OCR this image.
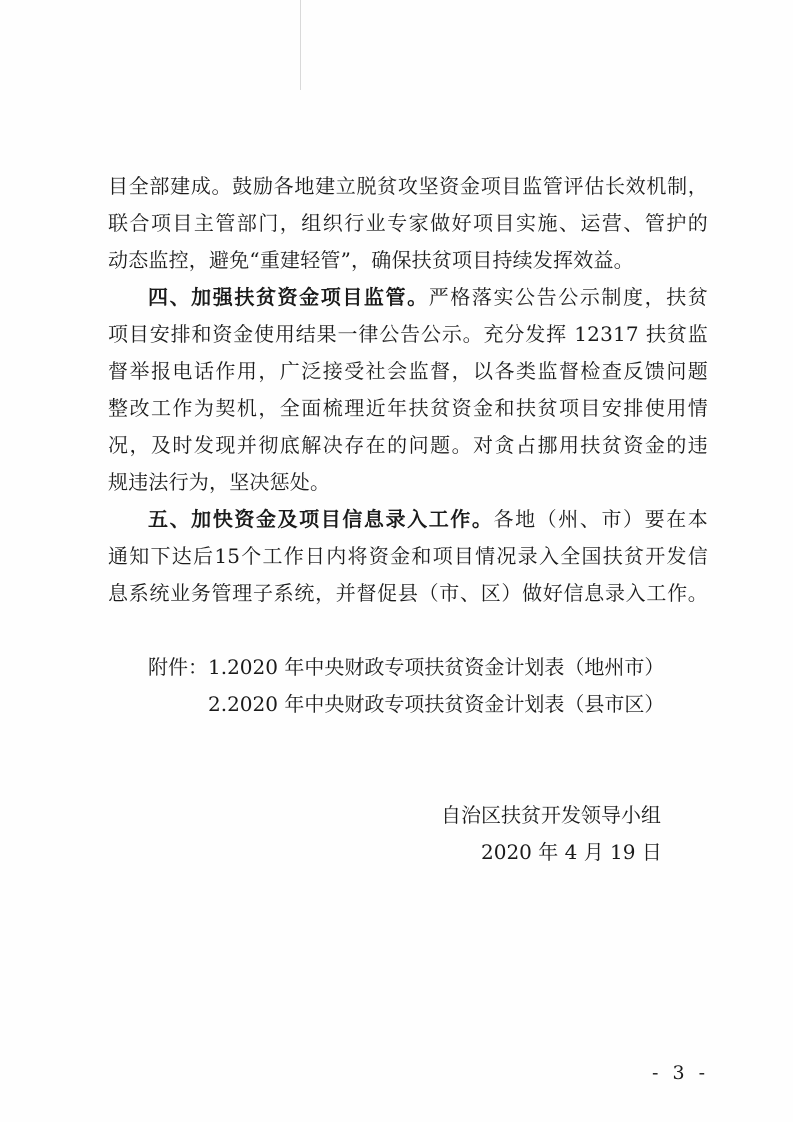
目全部建成。鼓励各地建立脱贫攻坚资金项目监管评估长效机制，
联合项目主管部门，组织行业专家做好项目实施、运营、管护的
动态监控，避免“重建轻管”，确保扶贫项目持续发挥效益。
四、加强扶贫资金项目监管。严格落实公告公示制度，扶贫
项目安排和资金使用结果一律公告公示。充分发挥 12317 扶贫监
督举报电话作用，广泛接受社会监督，以各类监督检查反馈问题
整改工作为契机，全面梳理近年扶贫资金和扶贫项目安排使用情
况，及时发现并彻底解决存在的问题。对贪占挪用扶贫资金的违
规违法行为，坚决惩处。
五、加快资金及项目信息录入工作。各地（州、市）要在本
通知下达后15个工作日内将资金和项目情况录入全国扶贫开发信
息系统业务管理子系统，并督促县（市、区）做好信息录入工作。
附件： 1.2020 年中央财政专项扶贫资金计划表（地州市）
2.2020 年中央财政专项扶贫资金计划表（县市区）
自治区扶贫开发领导小组
2020 年 4 月 19 日
- 3 -
